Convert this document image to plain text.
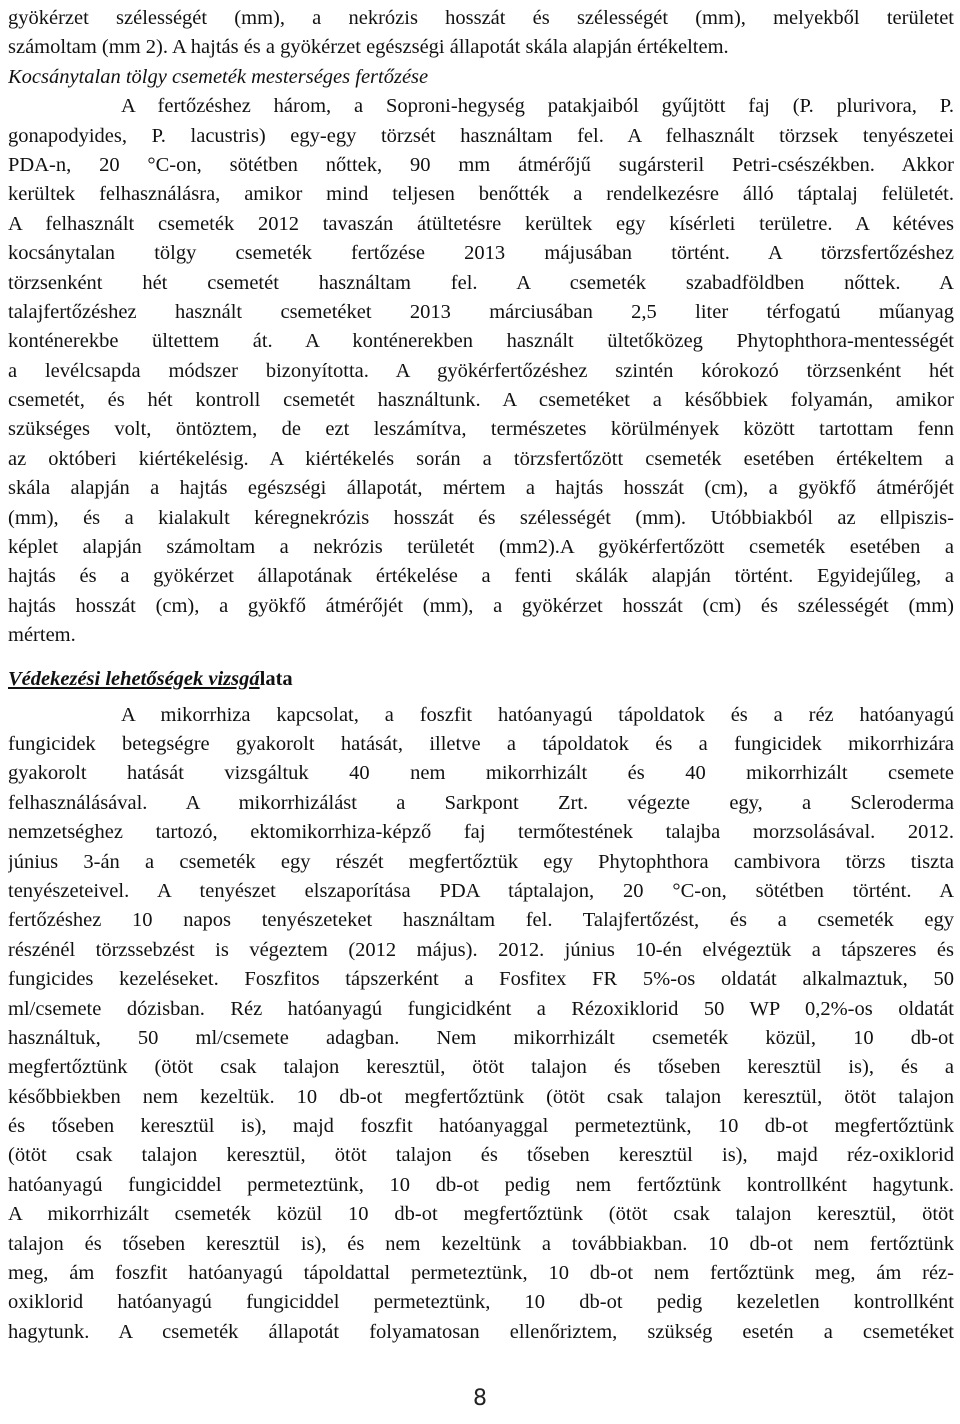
gyökérzet szélességét (mm), a nekrózis hosszát és szélességét (mm), melyekből területet
számoltam (mm 2). A hajtás és a gyökérzet egészségi állapotát skála alapján értékeltem.
Kocsánytalan tölgy csemeték mesterséges fertőzése
A fertőzéshez három, a Soproni-hegység patakjaiból gyűjtött faj (P. plurivora, P.
gonapodyides, P. lacustris) egy-egy törzsét használtam fel. A felhasznált törzsek tenyészetei
PDA-n, 20 °C-on, sötétben nőttek, 90 mm átmérőjű sugársteril Petri-csészékben. Akkor
kerültek felhasználásra, amikor mind teljesen benőtték a rendelkezésre álló táptalaj felületét.
A felhasznált csemeték 2012 tavaszán átültetésre kerültek egy kísérleti területre. A kétéves
kocsánytalan tölgy csemeték fertőzése 2013 májusában történt. A törzsfertőzéshez
törzsenként hét csemetét használtam fel. A csemeték szabadföldben nőttek. A
talajfertőzéshez használt csemetéket 2013 márciusában 2,5 liter térfogatú műanyag
konténerekbe ültettem át. A konténerekben használt ültetőközeg Phytophthora-mentességét
a levélcsapda módszer bizonyította. A gyökérfertőzéshez szintén kórokozó törzsenként hét
csemetét, és hét kontroll csemetét használtunk. A csemetéket a későbbiek folyamán, amikor
szükséges volt, öntöztem, de ezt leszámítva, természetes körülmények között tartottam fenn
az októberi kiértékelésig. A kiértékelés során a törzsfertőzött csemeték esetében értékeltem a
skála alapján a hajtás egészségi állapotát, mértem a hajtás hosszát (cm), a gyökfő átmérőjét
(mm), és a kialakult kéregnekrózis hosszát és szélességét (mm). Utóbbiakból az ellpiszis-
képlet alapján számoltam a nekrózis területét (mm2).A gyökérfertőzött csemeték esetében a
hajtás és a gyökérzet állapotának értékelése a fenti skálák alapján történt. Egyidejűleg, a
hajtás hossz​át (cm), a gyökfő átmérőjét (mm), a gyökérzet hosszát (cm) és szélességét (mm)
mértem.
Védekezési lehetőségek vizsgálata
A mikorrhiza kapcsolat, a foszfit hatóanyagú tápoldatok és a réz hatóanyagú
fungicidek betegségre gyakorolt hatását, illetve a tápoldatok és a fungicidek mikorrhizára
gyakorolt hatását vizsgáltuk 40 nem mikorrhizált és 40 mikorrhizált csemete
felhasználásával. A mikorrhizálást a Sarkpont Zrt. végezte egy, a Scleroderma
nemzetséghez tartozó, ektomikorrhiza-képző faj termőtestének talajba morzsolásával. 2012.
június 3-án a csemeték egy részét megfertőztük egy Phytophthora cambivora törzs tiszta
tenyészeteivel. A tenyészet elszaporítása PDA táptalajon, 20 °C-on, sötétben történt. A
fertőzéshez 10 napos tenyészeteket használtam fel. Talajfertőzést, és a csemeték egy
részénél törzssebzést is végeztem (2012 május). 2012. június 10-én elvégeztük a tápszeres és
fungicides kezeléseket. Foszfitos tápszerként a Fosfitex FR 5%-os oldatát alkalmaztuk, 50
ml/csemete dózisban. Réz hatóanyagú fungicidként a Rézoxiklorid 50 WP 0,2%-os oldatát
használtuk, 50 ml/csemete adagban. Nem mikorrhizált csemeték közül, 10 db-ot
megfertőztünk (ötöt csak talajon keresztül, ötöt talajon és tőseben keresztül is), és a
későbbiekben nem kezeltük. 10 db-ot megfertőztünk (ötöt csak talajon keresztül, ötöt talajon
és tőseben keresztül is), majd foszfit hatóanyaggal permeteztünk, 10 db-ot megfertőztünk
(ötöt csak talajon keresztül, ötöt talajon és tőseben keresztül is), majd réz-oxiklorid
hatóanyagú fungiciddel permeteztünk, 10 db-ot pedig nem fertőztünk kontrollként hagytunk.
A mikorrhizált csemeték közül 10 db-ot megfertőztünk (ötöt csak talajon keresztül, ötöt
talajon és tőseben keresztül is), és nem kezeltünk a továbbiakban. 10 db-ot nem fertőztünk
meg, ám foszfit hatóanyagú tápoldattal permeteztünk, 10 db-ot nem fertőztünk meg, ám réz-
oxiklorid hatóanyagú fungiciddel permeteztünk, 10 db-ot pedig kezeletlen kontrollként
hagytunk. A csemeték állapotát folyamatosan ellenőriztem, szükség esetén a csemetéket
8
